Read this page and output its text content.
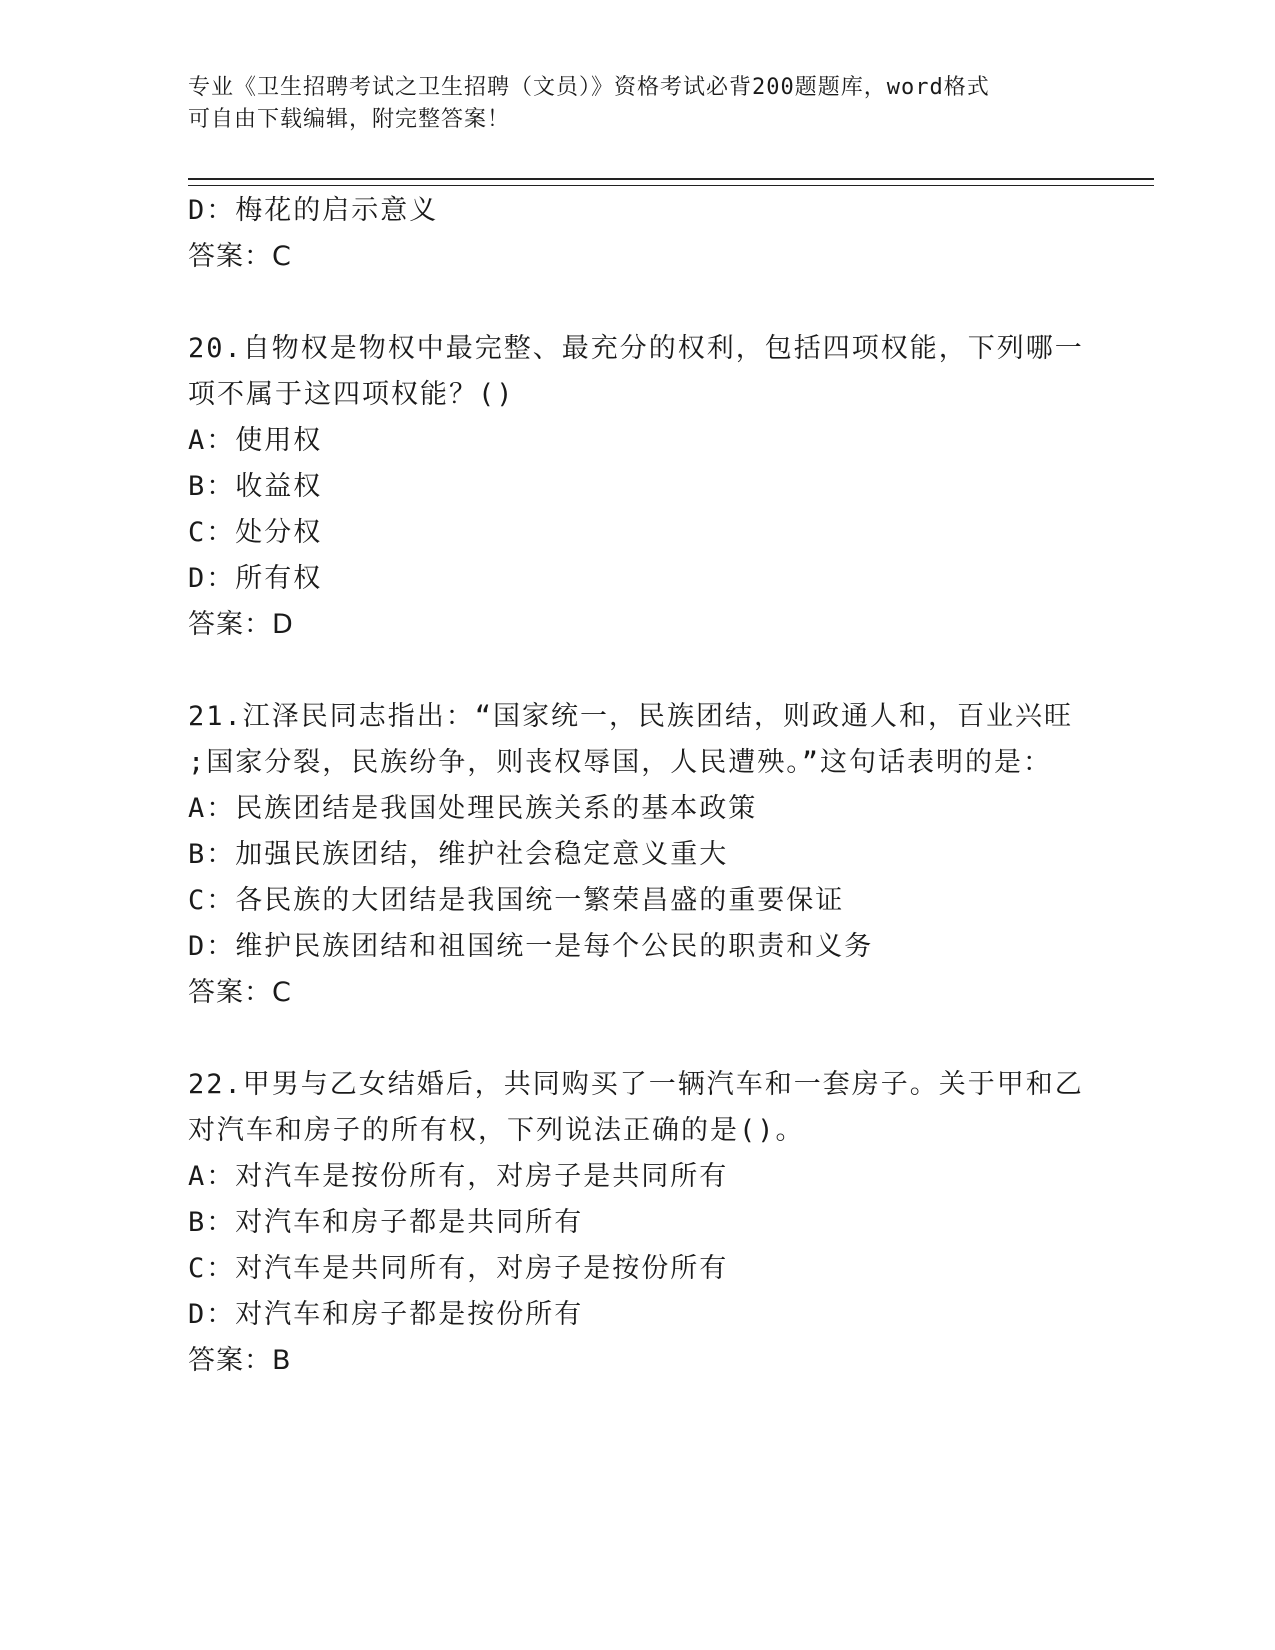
专业《卫生招聘考试之卫生招聘（文员）》资格考试必背200题题库，word格式
可自由下载编辑，附完整答案！
D：梅花的启示意义
答案：C
20.自物权是物权中最完整、最充分的权利，包括四项权能，下列哪一
项不属于这四项权能？()
A：使用权
B：收益权
C：处分权
D：所有权
答案：D
21.江泽民同志指出：“国家统一，民族团结，则政通人和，百业兴旺
;国家分裂，民族纷争，则丧权辱国，人民遭殃。”这句话表明的是：
A：民族团结是我国处理民族关系的基本政策
B：加强民族团结，维护社会稳定意义重大
C：各民族的大团结是我国统一繁荣昌盛的重要保证
D：维护民族团结和祖国统一是每个公民的职责和义务
答案：C
22.甲男与乙女结婚后，共同购买了一辆汽车和一套房子。关于甲和乙
对汽车和房子的所有权，下列说法正确的是()。
A：对汽车是按份所有，对房子是共同所有
B：对汽车和房子都是共同所有
C：对汽车是共同所有，对房子是按份所有
D：对汽车和房子都是按份所有
答案：B
